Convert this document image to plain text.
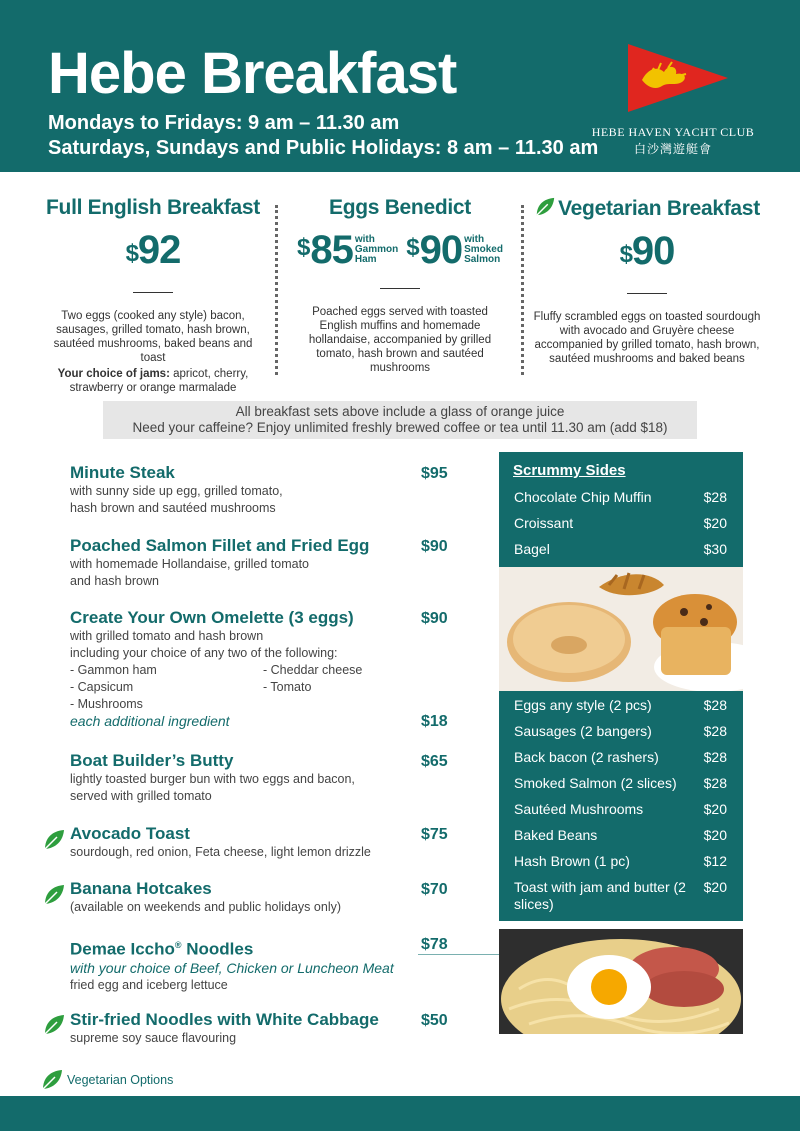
Hebe Breakfast
Mondays to Fridays: 9 am – 11.30 am
Saturdays, Sundays and Public Holidays: 8 am – 11.30 am
HEBE HAVEN YACHT CLUB
白沙灣遊艇會
Full English Breakfast
$92
Two eggs (cooked any style) bacon, sausages, grilled tomato, hash brown, sautéed mushrooms, baked beans and toast
Your choice of jams: apricot, cherry, strawberry or orange marmalade
Eggs Benedict
$ 85 with
Gammon
Ham	$ 90 with
Smoked
Salmon
Poached eggs served with toasted English muffins and homemade hollandaise, accompanied by grilled tomato, hash brown and sautéed mushrooms
Vegetarian Breakfast
$90
Fluffy scrambled eggs on toasted sourdough with avocado and Gruyère cheese accompanied by grilled tomato, hash brown, sautéed mushrooms and baked beans
All breakfast sets above include a glass of orange juice
Need your caffeine? Enjoy unlimited freshly brewed coffee or tea until 11.30 am (add $18)
Minute Steak
with sunny side up egg, grilled tomato,
hash brown and sautéed mushrooms
$95
Poached Salmon Fillet and Fried Egg
with homemade Hollandaise, grilled tomato
and hash brown
$90
Create Your Own Omelette (3 eggs)
with grilled tomato and hash brown
including your choice of any two of the following:
- Gammon ham	- Cheddar cheese
- Capsicum	- Tomato
- Mushrooms
$90
each additional ingredient	$18
Boat Builder’s Butty
lightly toasted burger bun with two eggs and bacon,
served with grilled tomato
$65
Avocado Toast
sourdough, red onion, Feta cheese, light lemon drizzle
$75
Banana Hotcakes
(available on weekends and public holidays only)
$70
Demae Iccho® Noodles
with your choice of Beef, Chicken or Luncheon Meat
fried egg and iceberg lettuce
$78
Stir-fried Noodles with White Cabbage
supreme soy sauce flavouring
$50
Scrummy Sides
Chocolate Chip Muffin	$28
Croissant	$20
Bagel	$30
Eggs any style (2 pcs)	$28
Sausages (2 bangers)	$28
Back bacon (2 rashers)	$28
Smoked Salmon (2 slices)	$28
Sautéed Mushrooms	$20
Baked Beans	$20
Hash Brown (1 pc)	$12
Toast with jam and butter (2 slices)
$20
Vegetarian Options
